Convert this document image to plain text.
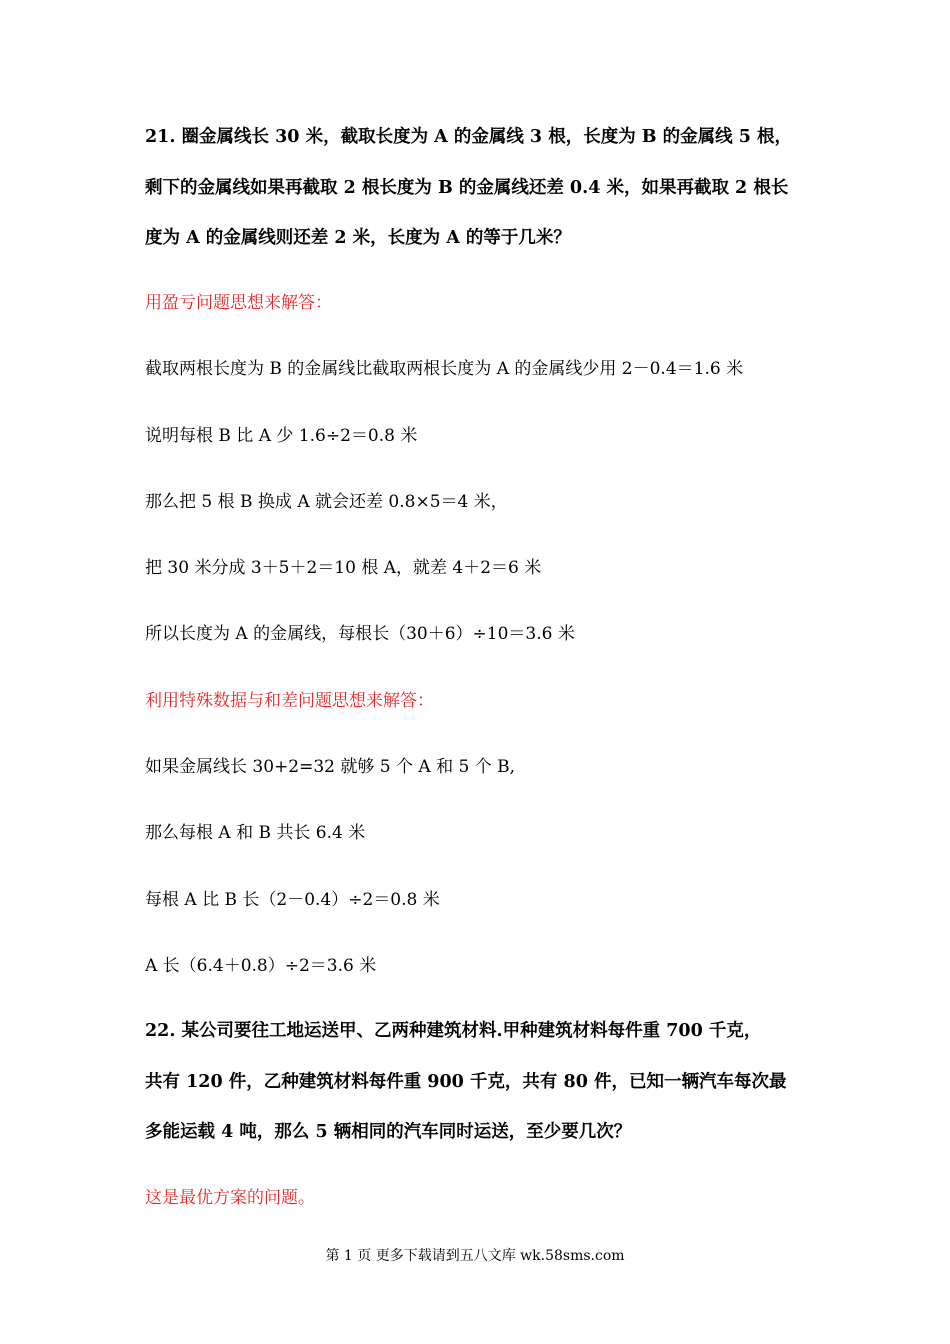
21. 圈金属线长 30 米，截取长度为 A 的金属线 3 根，长度为 B 的金属线 5 根，
剩下的金属线如果再截取 2 根长度为 B 的金属线还差 0.4 米，如果再截取 2 根长
度为 A 的金属线则还差 2 米，长度为 A 的等于几米？
用盈亏问题思想来解答：
截取两根长度为 B 的金属线比截取两根长度为 A 的金属线少用 2－0.4＝1.6 米
说明每根 B 比 A 少 1.6÷2＝0.8 米
那么把 5 根 B 换成 A 就会还差 0.8×5＝4 米，
把 30 米分成 3＋5＋2＝10 根 A，就差 4＋2＝6 米
所以长度为 A 的金属线，每根长（30＋6）÷10＝3.6 米
利用特殊数据与和差问题思想来解答：
如果金属线长 30+2=32 就够 5 个 A 和 5 个 B,
那么每根 A 和 B 共长 6.4 米
每根 A 比 B 长（2－0.4）÷2＝0.8 米
A 长（6.4＋0.8）÷2＝3.6 米
22. 某公司要往工地运送甲、乙两种建筑材料.甲种建筑材料每件重 700 千克，
共有 120 件，乙种建筑材料每件重 900 千克，共有 80 件，已知一辆汽车每次最
多能运载 4 吨，那么 5 辆相同的汽车同时运送，至少要几次？
这是最优方案的问题。
第 1 页 更多下载请到五八文库 wk.58sms.com
